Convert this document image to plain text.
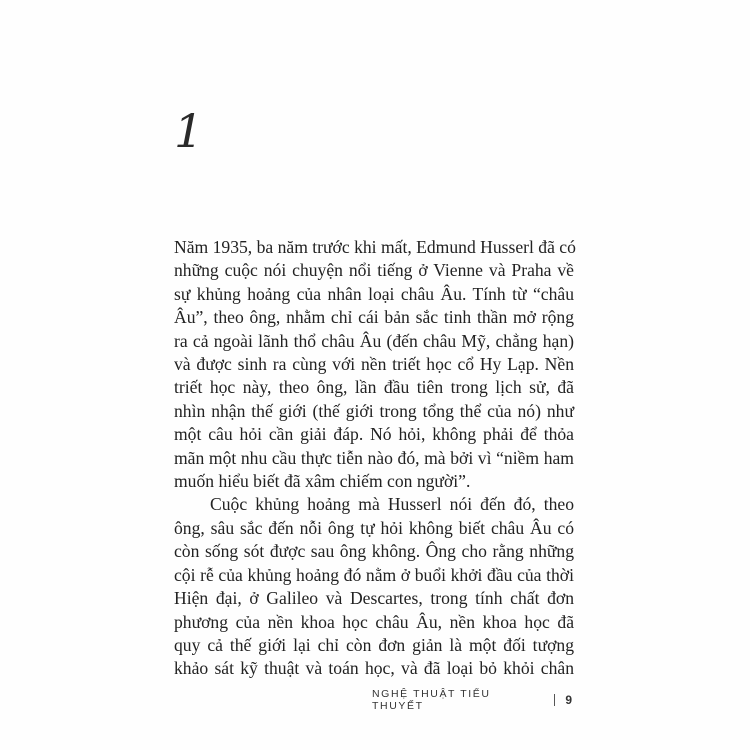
1

Năm 1935, ba năm trước khi mất, Edmund Husserl đã có
những cuộc nói chuyện nổi tiếng ở Vienne và Praha về
sự khủng hoảng của nhân loại châu Âu. Tính từ “châu
Âu”, theo ông, nhằm chỉ cái bản sắc tinh thần mở rộng
ra cả ngoài lãnh thổ châu Âu (đến châu Mỹ, chẳng hạn)
và được sinh ra cùng với nền triết học cổ Hy Lạp. Nền
triết học này, theo ông, lần đầu tiên trong lịch sử, đã
nhìn nhận thế giới (thế giới trong tổng thể của nó) như
một câu hỏi cần giải đáp. Nó hỏi, không phải để thỏa
mãn một nhu cầu thực tiễn nào đó, mà bởi vì “niềm ham
muốn hiểu biết đã xâm chiếm con người”.

Cuộc khủng hoảng mà Husserl nói đến đó, theo
ông, sâu sắc đến nỗi ông tự hỏi không biết châu Âu có
còn sống sót được sau ông không. Ông cho rằng những
cội rễ của khủng hoảng đó nằm ở buổi khởi đầu của thời
Hiện đại, ở Galileo và Descartes, trong tính chất đơn
phương của nền khoa học châu Âu, nền khoa học đã
quy cả thế giới lại chỉ còn đơn giản là một đối tượng
khảo sát kỹ thuật và toán học, và đã loại bỏ khỏi chân

NGHỆ THUẬT TIỂU THUYẾT	9
